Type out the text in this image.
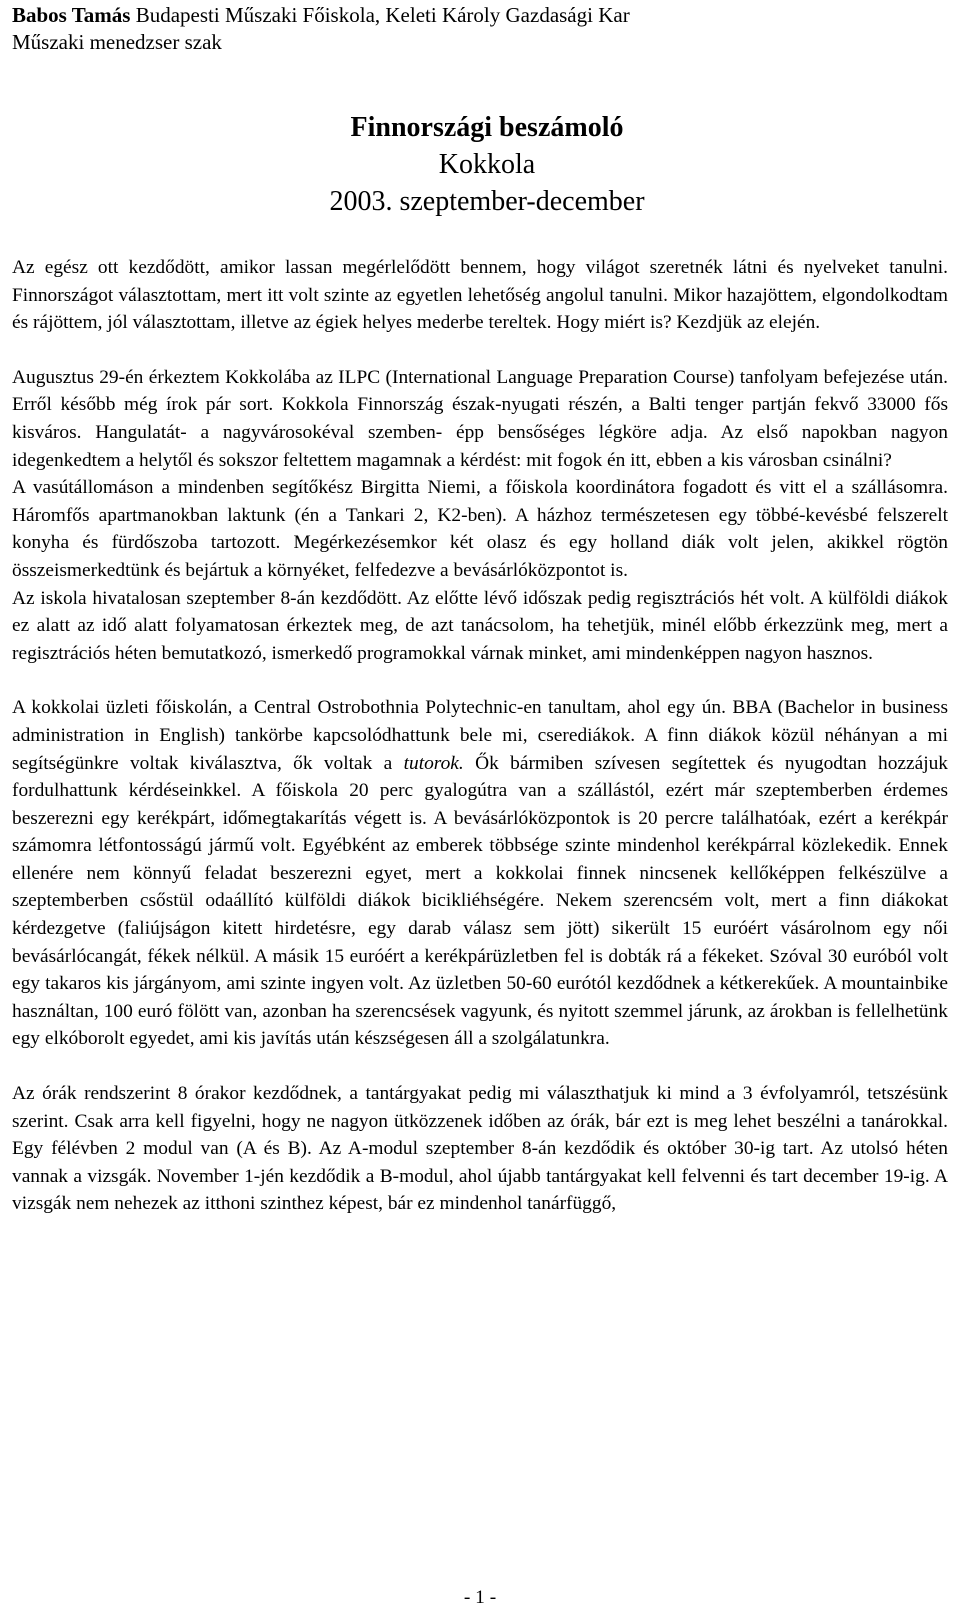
Babos Tamás Budapesti Műszaki Főiskola, Keleti Károly Gazdasági Kar
Műszaki menedzser szak
Finnországi beszámoló
Kokkola
2003. szeptember-december

Az egész ott kezdődött, amikor lassan megérlelődött bennem, hogy világot szeretnék látni és nyelveket tanulni. Finnországot választottam, mert itt volt szinte az egyetlen lehetőség angolul tanulni. Mikor hazajöttem, elgondolkodtam és rájöttem, jól választottam, illetve az égiek helyes mederbe tereltek. Hogy miért is? Kezdjük az elején.

Augusztus 29-én érkeztem Kokkolába az ILPC (International Language Preparation Course) tanfolyam befejezése után. Erről később még írok pár sort. Kokkola Finnország észak-nyugati részén, a Balti tenger partján fekvő 33000 fős kisváros. Hangulatát- a nagyvárosokéval szemben- épp bensőséges légköre adja. Az első napokban nagyon idegenkedtem a helytől és sokszor feltettem magamnak a kérdést: mit fogok én itt, ebben a kis városban csinálni?

A vasútállomáson a mindenben segítőkész Birgitta Niemi, a főiskola koordinátora fogadott és vitt el a szállásomra. Háromfős apartmanokban laktunk (én a Tankari 2, K2-ben). A házhoz természetesen egy többé-kevésbé felszerelt konyha és fürdőszoba tartozott. Megérkezésemkor két olasz és egy holland diák volt jelen, akikkel rögtön összeismerkedtünk és bejártuk a környéket, felfedezve a bevásárlóközpontot is.

Az iskola hivatalosan szeptember 8-án kezdődött. Az előtte lévő időszak pedig regisztrációs hét volt. A külföldi diákok ez alatt az idő alatt folyamatosan érkeztek meg, de azt tanácsolom, ha tehetjük, minél előbb érkezzünk meg, mert a regisztrációs héten bemutatkozó, ismerkedő programokkal várnak minket, ami mindenképpen nagyon hasznos.

A kokkolai üzleti főiskolán, a Central Ostrobothnia Polytechnic-en tanultam, ahol egy ún. BBA (Bachelor in business administration in English) tankörbe kapcsolódhattunk bele mi, cserediákok. A finn diákok közül néhányan a mi segítségünkre voltak kiválasztva, ők voltak a tutorok. Ők bármiben szívesen segítettek és nyugodtan hozzájuk fordulhattunk kérdéseinkkel. A főiskola 20 perc gyalogútra van a szállástól, ezért már szeptemberben érdemes beszerezni egy kerékpárt, időmegtakarítás végett is. A bevásárlóközpontok is 20 percre találhatóak, ezért a kerékpár számomra létfontosságú jármű volt. Egyébként az emberek többsége szinte mindenhol kerékpárral közlekedik. Ennek ellenére nem könnyű feladat beszerezni egyet, mert a kokkolai finnek nincsenek kellőképpen felkészülve a szeptemberben csőstül odaállító külföldi diákok bicikliéhségére. Nekem szerencsém volt, mert a finn diákokat kérdezgetve (faliújságon kitett hirdetésre, egy darab válasz sem jött) sikerült 15 euróért vásárolnom egy női bevásárlócangát, fékek nélkül. A másik 15 euróért a kerékpárüzletben fel is dobták rá a fékeket. Szóval 30 euróból volt egy takaros kis járgányom, ami szinte ingyen volt. Az üzletben 50-60 eurótól kezdődnek a kétkerekűek. A mountainbike használtan, 100 euró fölött van, azonban ha szerencsések vagyunk, és nyitott szemmel járunk, az árokban is fellelhetünk egy elkóborolt egyedet, ami kis javítás után készségesen áll a szolgálatunkra.

Az órák rendszerint 8 órakor kezdődnek, a tantárgyakat pedig mi választhatjuk ki mind a 3 évfolyamról, tetszésünk szerint. Csak arra kell figyelni, hogy ne nagyon ütközzenek időben az órák, bár ezt is meg lehet beszélni a tanárokkal. Egy félévben 2 modul van (A és B). Az A-modul szeptember 8-án kezdődik és október 30-ig tart. Az utolsó héten vannak a vizsgák. November 1-jén kezdődik a B-modul, ahol újabb tantárgyakat kell felvenni és tart december 19-ig. A vizsgák nem nehezek az itthoni szinthez képest, bár ez mindenhol tanárfüggő,

- 1 -
